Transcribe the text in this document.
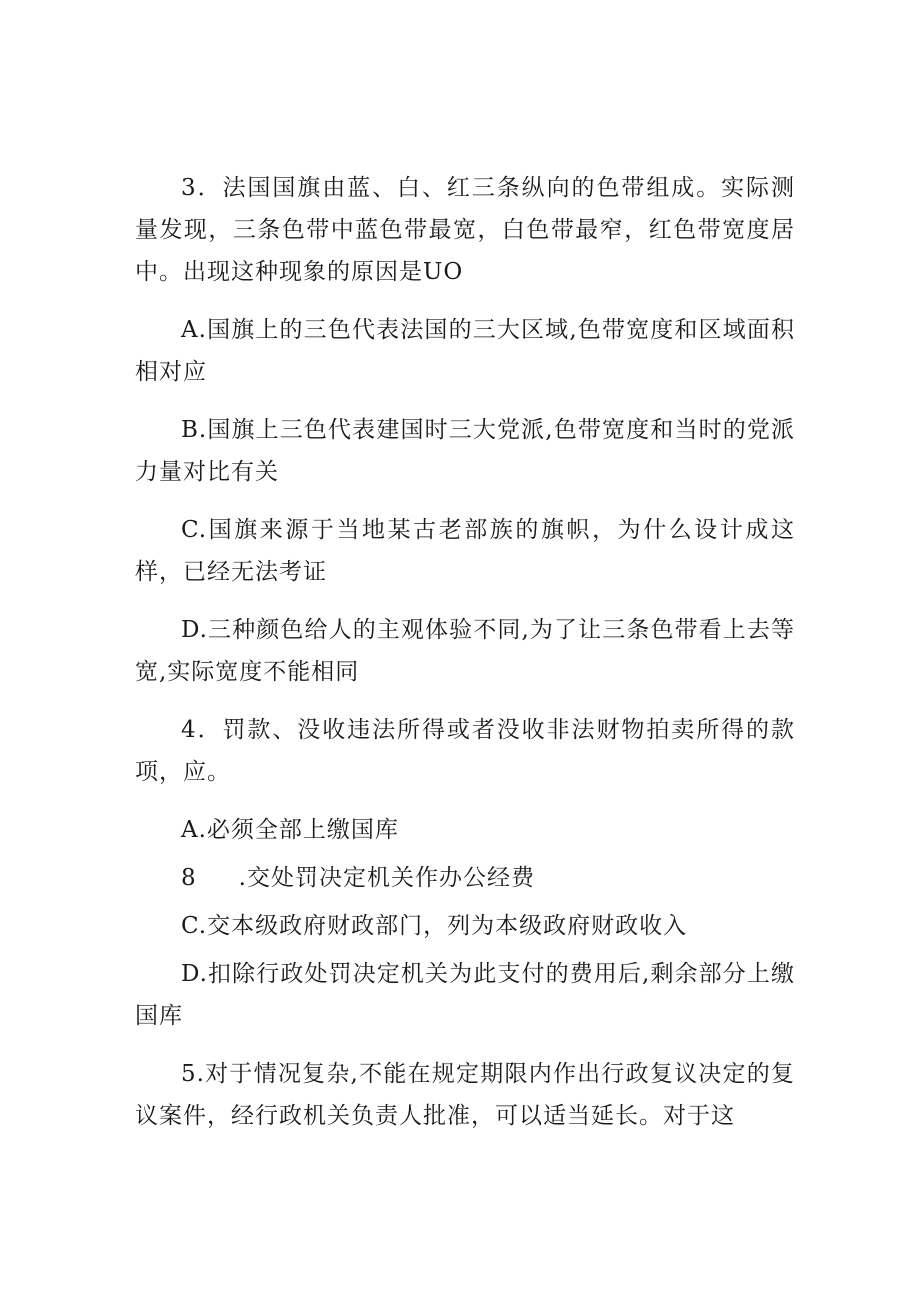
3．法国国旗由蓝、白、红三条纵向的色带组成。实际测量发现，三条色带中蓝色带最宽，白色带最窄，红色带宽度居中。出现这种现象的原因是UO

A.国旗上的三色代表法国的三大区域,色带宽度和区域面积相对应

B.国旗上三色代表建国时三大党派,色带宽度和当时的党派力量对比有关

C.国旗来源于当地某古老部族的旗帜，为什么设计成这样，已经无法考证

D.三种颜色给人的主观体验不同,为了让三条色带看上去等宽,实际宽度不能相同

4．罚款、没收违法所得或者没收非法财物拍卖所得的款项，应。

A.必须全部上缴国库

8 .交处罚决定机关作办公经费

C.交本级政府财政部门，列为本级政府财政收入

D.扣除行政处罚决定机关为此支付的费用后,剩余部分上缴国库

5.对于情况复杂,不能在规定期限内作出行政复议决定的复议案件，经行政机关负责人批准，可以适当延长。对于这
